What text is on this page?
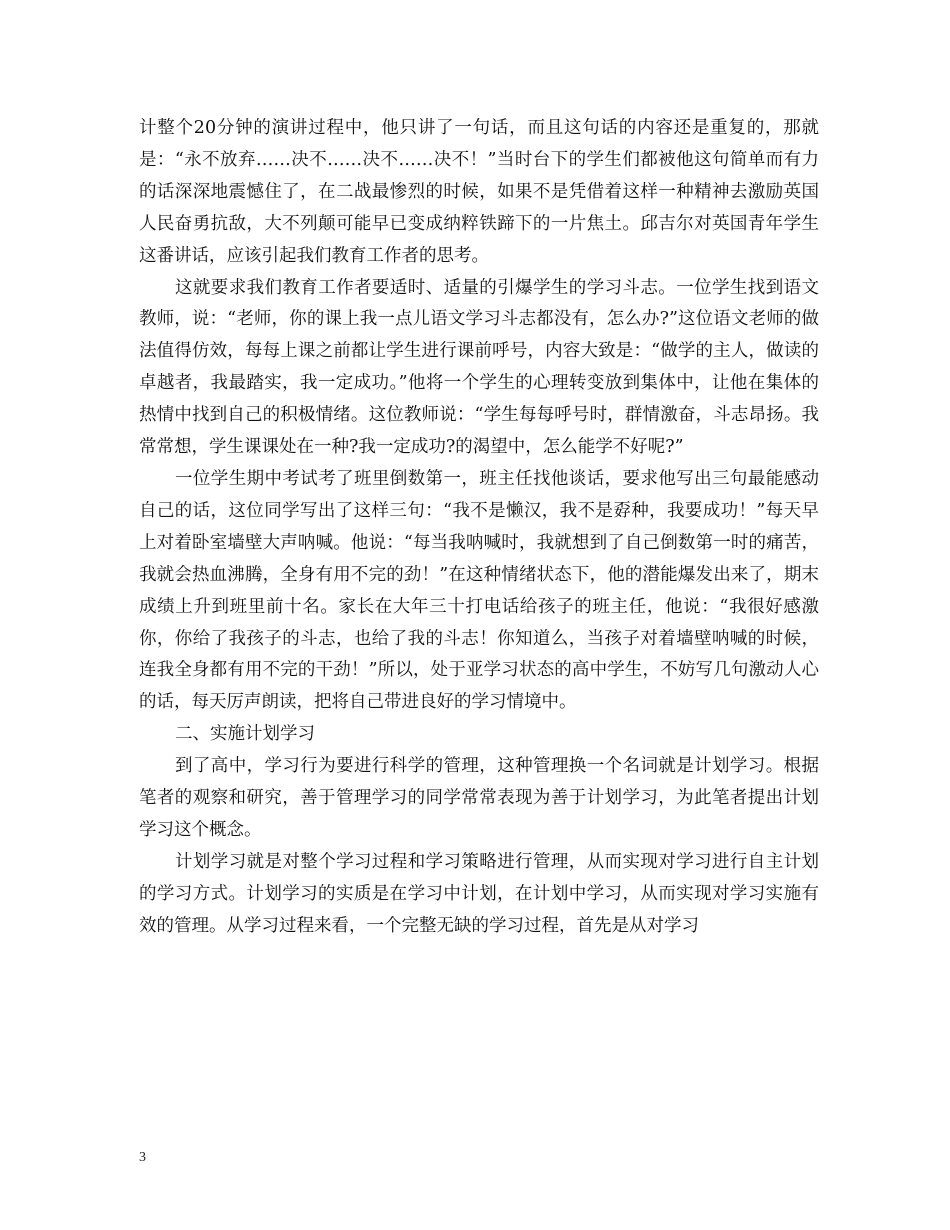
计整个20分钟的演讲过程中，他只讲了一句话，而且这句话的内容还是重复的，那就是：“永不放弃……决不……决不……决不！”当时台下的学生们都被他这句简单而有力的话深深地震憾住了，在二战最惨烈的时候，如果不是凭借着这样一种精神去激励英国人民奋勇抗敌，大不列颠可能早已变成纳粹铁蹄下的一片焦土。邱吉尔对英国青年学生这番讲话，应该引起我们教育工作者的思考。

这就要求我们教育工作者要适时、适量的引爆学生的学习斗志。一位学生找到语文教师，说：“老师，你的课上我一点儿语文学习斗志都没有，怎么办?”这位语文老师的做法值得仿效，每每上课之前都让学生进行课前呼号，内容大致是：“做学的主人，做读的卓越者，我最踏实，我一定成功。”他将一个学生的心理转变放到集体中，让他在集体的热情中找到自己的积极情绪。这位教师说：“学生每每呼号时，群情激奋，斗志昂扬。我常常想，学生课课处在一种?我一定成功?的渴望中，怎么能学不好呢?”

一位学生期中考试考了班里倒数第一，班主任找他谈话，要求他写出三句最能感动自己的话，这位同学写出了这样三句：“我不是懒汉，我不是孬种，我要成功！”每天早上对着卧室墙壁大声呐喊。他说：“每当我呐喊时，我就想到了自己倒数第一时的痛苦，我就会热血沸腾，全身有用不完的劲！”在这种情绪状态下，他的潜能爆发出来了，期末成绩上升到班里前十名。家长在大年三十打电话给孩子的班主任，他说：“我很好感激你，你给了我孩子的斗志，也给了我的斗志！你知道么，当孩子对着墙壁呐喊的时候，连我全身都有用不完的干劲！”所以，处于亚学习状态的高中学生，不妨写几句激动人心的话，每天厉声朗读，把将自己带进良好的学习情境中。

二、实施计划学习

到了高中，学习行为要进行科学的管理，这种管理换一个名词就是计划学习。根据笔者的观察和研究，善于管理学习的同学常常表现为善于计划学习，为此笔者提出计划学习这个概念。

计划学习就是对整个学习过程和学习策略进行管理，从而实现对学习进行自主计划的学习方式。计划学习的实质是在学习中计划，在计划中学习，从而实现对学习实施有效的管理。从学习过程来看，一个完整无缺的学习过程，首先是从对学习

3
